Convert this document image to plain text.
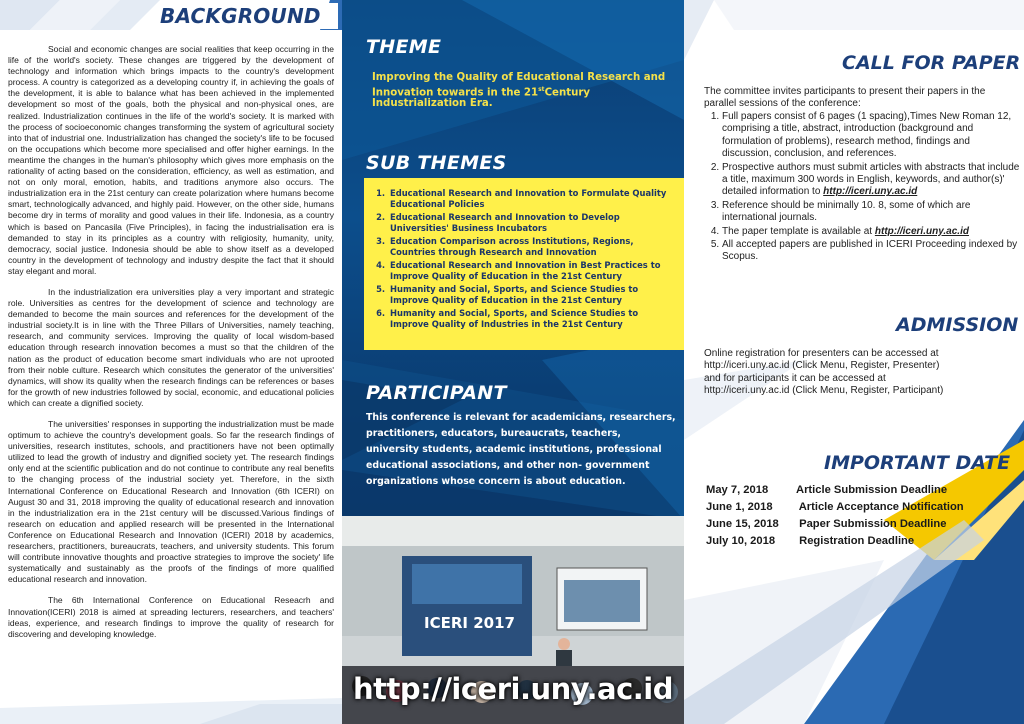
BACKGROUND

Social and economic changes are social realities that keep occurring in the life of the world's society. These changes are triggered by the development of technology and information which brings impacts to the country's development process. A country is categorized as a developing country if, in achieving the goals of the development, it is able to balance what has been achieved in the implemented development so most of the goals, both the physical and non-physical ones, are realized. Industrialization continues in the life of the world's society. It is marked with the process of socioeconomic changes transforming the system of agricultural society into that of industrial one. Industrialization has changed the society's life to be focused on the occupations which become more specialised and offer higher earnings. In the meantime the changes in the human's philosophy which gives more emphasis on the rationality of acting based on the consideration, efficiency, as well as estimation, and not on only moral, emotion, habits, and traditions anymore also occurs. The industrialization era in the 21st century can create polarization where humans become smart, technologically advanced, and highly paid. However, on the other side, humans become dry in terms of morality and good values in their life. Indonesia, as a country which is based on Pancasila (Five Principles), in facing the industrialisation era is demanded to stay in its principles as a country with religiosity, humanity, unity, democracy, social justice. Indonesia should be able to show itself as a developed country in the development of technology and industry despite the fact that it should stay elegant and moral.

In the industrialization era universities play a very important and strategic role. Universities as centres for the development of science and technology are demanded to become the main sources and references for the development of the industrial society.It is in line with the Three Pillars of Universities, namely teaching, research, and community services. Improving the quality of local wisdom-based education through research innovation becomes a must so that the children of the nation as the product of education become smart individuals who are not uprooted from their noble culture. Research which consitutes the generator of the universities' dynamics, will show its quality when the research findings can be references or bases for the growth of new industries followed by social, economic, and educational policies which can create a dignified society.

The universities' responses in supporting the industrialization must be made optimum to achieve the country's development goals. So far the research findings of universities, research institutes, schools, and practitioners have not been optimally utilized to lead the growth of industry and dignified society yet. The research findings only end at the scientific publication and do not continue to contribute any real benefits to the changing process of the industrial society yet. Therefore, in the sixth International Conference on Educational Research and Innovation (6th ICERI) on August 30 and 31, 2018 improving the quality of educational research and innovation in the industrialization era in the 21st century will be discussed.Various findings of research on education and applied research will be presented in the International Conference on Educational Research and Innovation (ICERI) 2018 by academics, researchers, practitioners, bureaucrats, teachers, and university students. This forum will contribute innovative thoughts and proactive strategies to improve the society' life systematically and sustainably as the proofs of the findings of more qualified educational research and innovation.

The 6th International Conference on Educational Reseacrh and Innovation(ICERI) 2018 is aimed at spreading lecturers, researchers, and teachers' ideas, experience, and research findings to improve the quality of research for discovering and developing knowledge.

THEME
Improving the Quality of Educational Research and Innovation towards in the 21stCentury Industrialization Era.
SUB THEMES
1. Educational Research and Innovation to Formulate Quality Educational Policies
2. Educational Research and Innovation to Develop Universities' Business Incubators
3. Education Comparison across Institutions, Regions, Countries through Research and Innovation
4. Educational Research and Innovation in Best Practices to Improve Quality of Education in the 21st Century
5. Humanity and Social, Sports, and Science Studies to Improve Quality of Education in the 21st Century
6. Humanity and Social, Sports, and Science Studies to Improve Quality of Industries in the 21st Century
PARTICIPANT
This conference is relevant for academicians, researchers, practitioners, educators, bureaucrats, teachers, university students, academic institutions, professional educational associations, and other non- government organizations whose concern is about education.
ICERI 2017
http://iceri.uny.ac.id
CALL FOR PAPER
The committee invites participants to present their papers in the parallel sessions of the conference:
1. Full papers consist of 6 pages (1 spacing),Times New Roman 12, comprising a title, abstract, introduction (background and formulation of problems), research method, findings and discussion, conclusion, and references.
2. Prospective authors must submit articles with abstracts that include a title, maximum 300 words in English, keywords, and author(s)' detailed information to http://iceri.uny.ac.id
3. Reference should be minimally 10. 8, some of which are international journals.
4. The paper template is available at http://iceri.uny.ac.id
5. All accepted papers are published in ICERI Proceeding indexed by Scopus.
ADMISSION
Online registration for presenters can be accessed at
http://iceri.uny.ac.id (Click Menu, Register, Presenter)
and for participants it can be accessed at
http://iceri.uny.ac.id (Click Menu, Register, Participant)
IMPORTANT DATE
May 7, 2018 Article Submission Deadline
June 1, 2018 Article Acceptance Notification
June 15, 2018 Paper Submission Deadline
July 10, 2018 Registration Deadline
